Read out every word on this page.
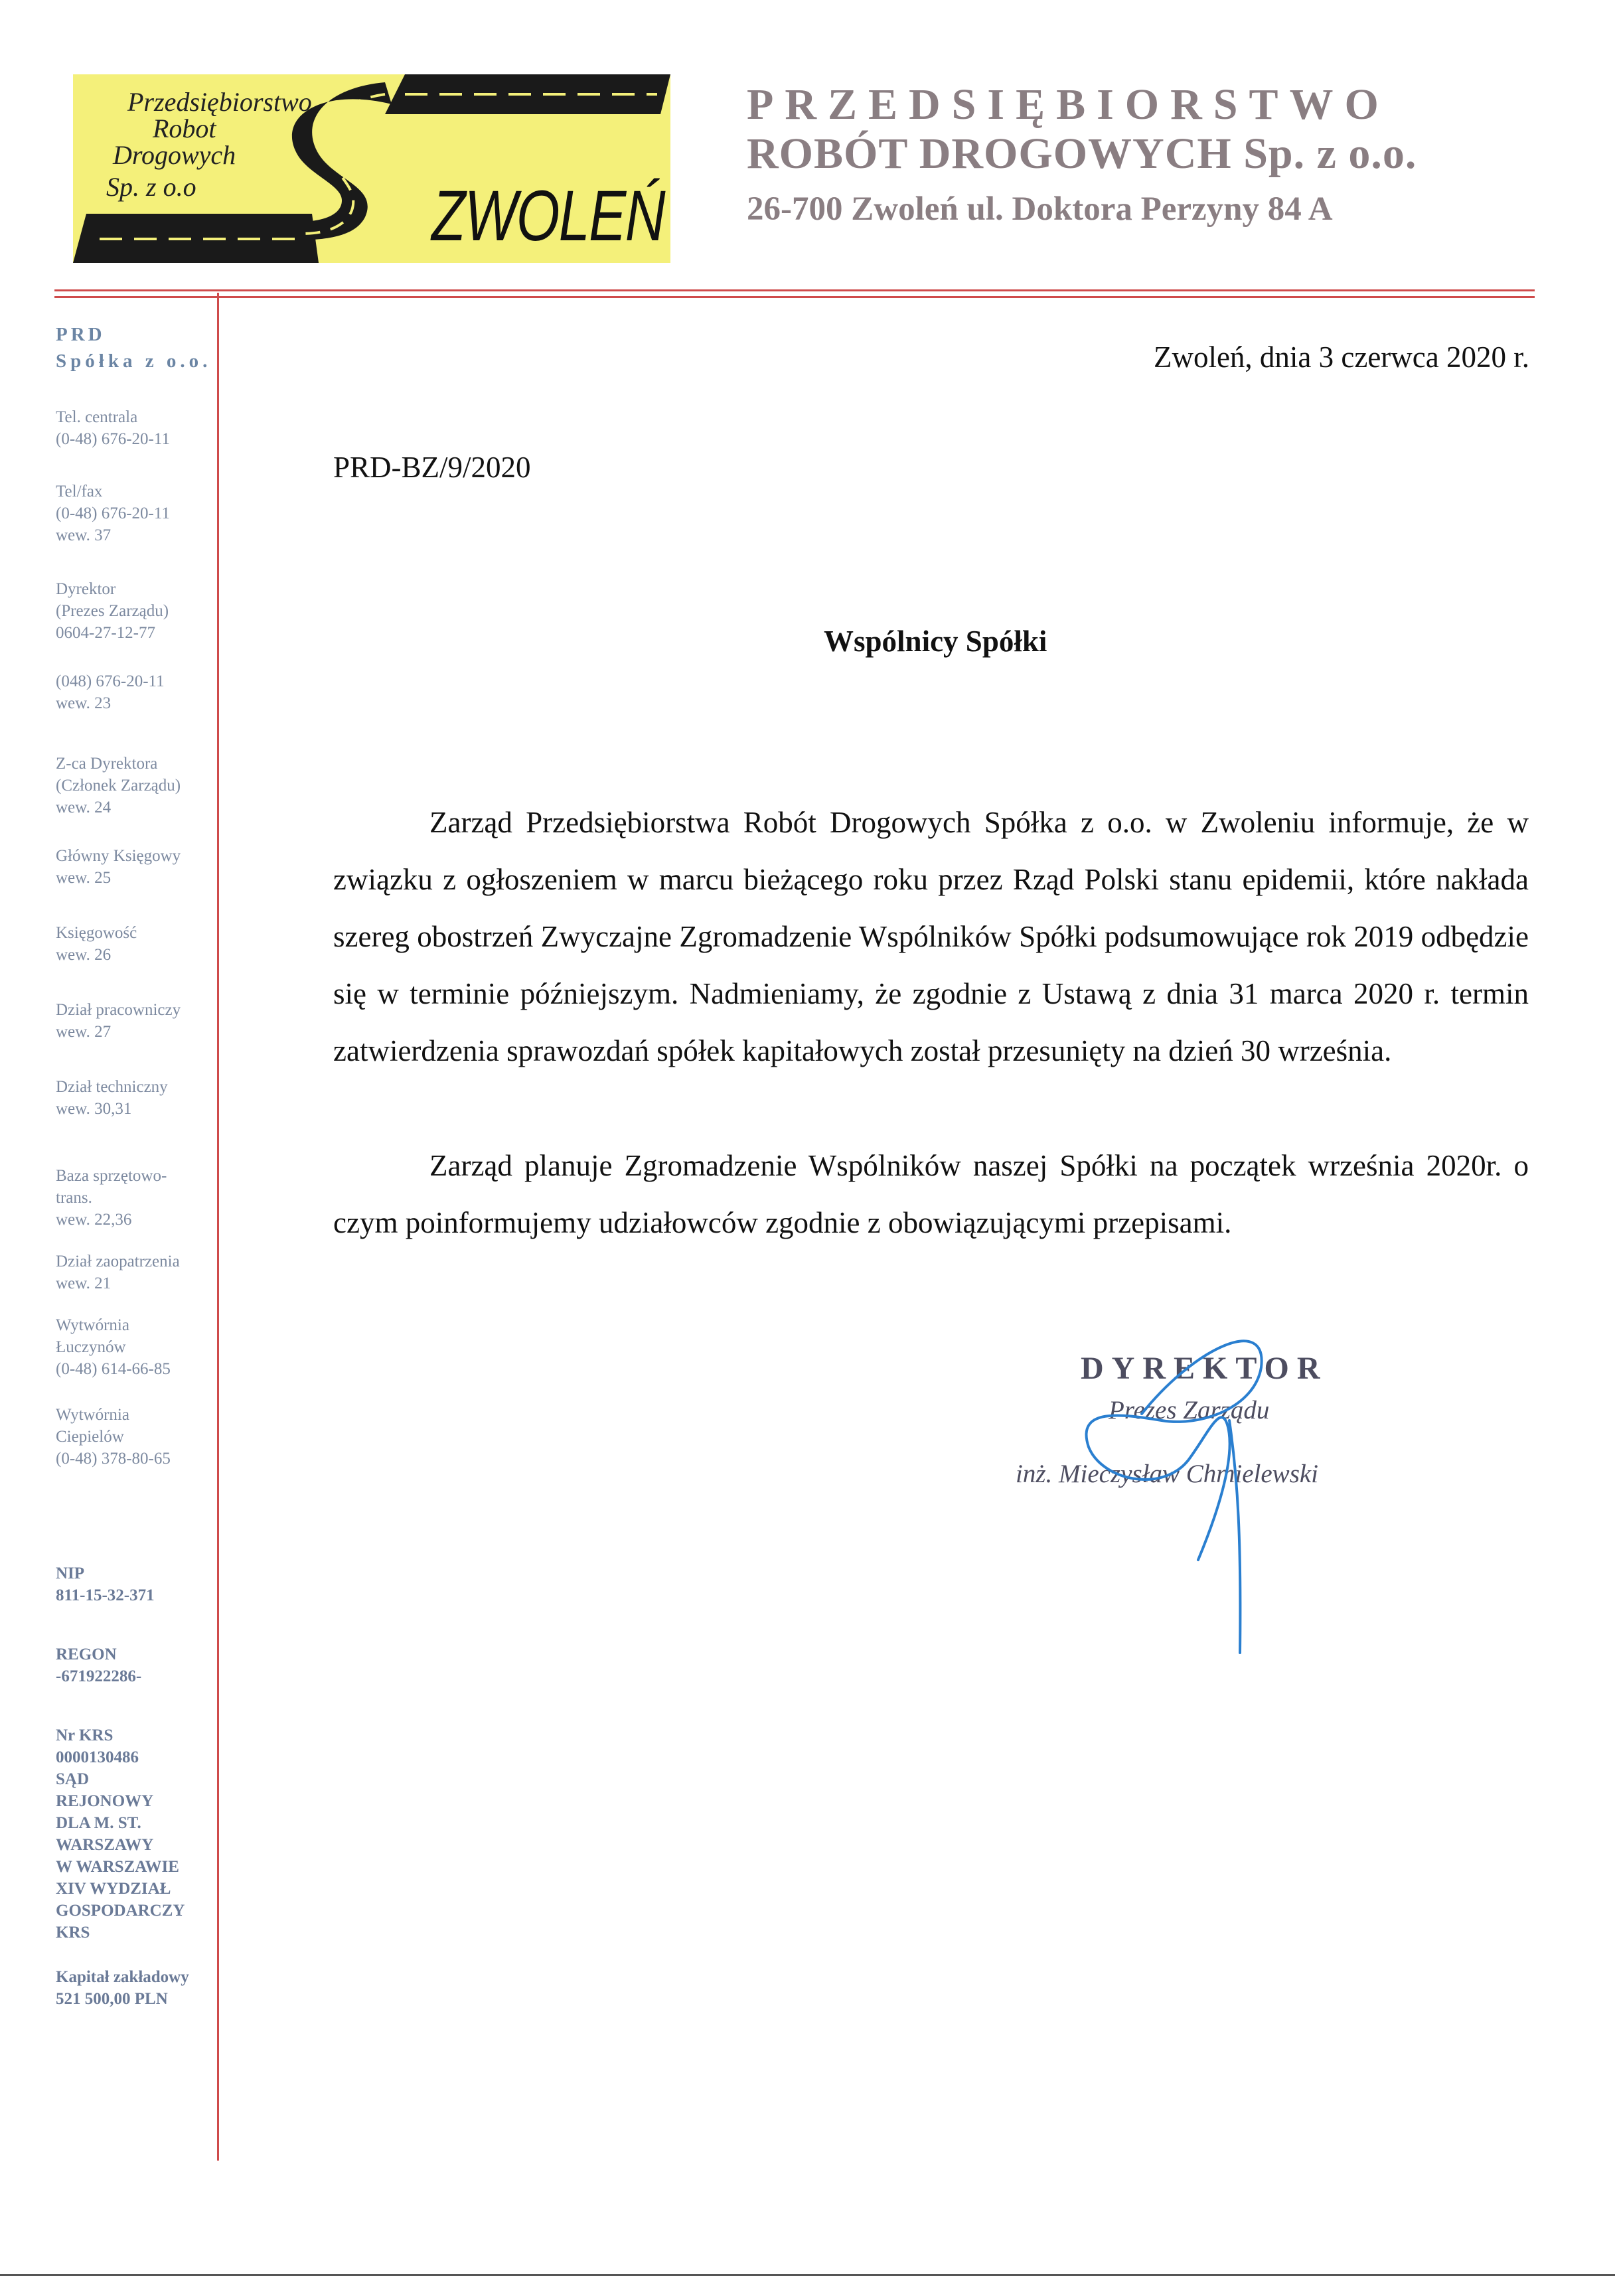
Przedsiębiorstwo
Robot
Drogowych
Sp. z o.o	ZWOLEŃ
PRZEDSIĘBIORSTWO
ROBÓT DROGOWYCH Sp. z o.o.
26-700 Zwoleń ul. Doktora Perzyny 84 A
PRD
Spółka z o.o.
Tel. centrala
(0-48) 676-20-11
Tel/fax
(0-48) 676-20-11
wew. 37
Dyrektor
(Prezes Zarządu)
0604-27-12-77
(048) 676-20-11
wew. 23
Z-ca Dyrektora
(Członek Zarządu)
wew. 24
Główny Księgowy
wew. 25
Księgowość
wew. 26
Dział pracowniczy
wew. 27
Dział techniczny
wew. 30,31
Baza sprzętowo-
trans.
wew. 22,36
Dział zaopatrzenia
wew. 21
Wytwórnia
Łuczynów
(0-48) 614-66-85
Wytwórnia
Ciepielów
(0-48) 378-80-65
NIP
811-15-32-371
REGON
-671922286-
Nr KRS
0000130486
SĄD
REJONOWY
DLA M. ST.
WARSZAWY
W WARSZAWIE
XIV WYDZIAŁ
GOSPODARCZY
KRS
Kapitał zakładowy
521 500,00 PLN
Zwoleń, dnia 3 czerwca 2020 r.
PRD-BZ/9/2020
Wspólnicy Spółki
Zarząd Przedsiębiorstwa Robót Drogowych Spółka z o.o. w Zwoleniu informuje, że w związku z ogłoszeniem w marcu bieżącego roku przez Rząd Polski stanu epidemii, które nakłada szereg obostrzeń Zwyczajne Zgromadzenie Wspólników Spółki podsumowujące rok 2019 odbędzie się w terminie późniejszym. Nadmieniamy, że zgodnie z Ustawą z dnia 31 marca 2020 r. termin zatwierdzenia sprawozdań spółek kapitałowych został przesunięty na dzień 30 września.
Zarząd planuje Zgromadzenie Wspólników naszej Spółki na początek września 2020r. o czym poinformujemy udziałowców zgodnie z obowiązującymi przepisami.
DYREKTOR
Prezes Zarządu
inż. Mieczysław Chmielewski
